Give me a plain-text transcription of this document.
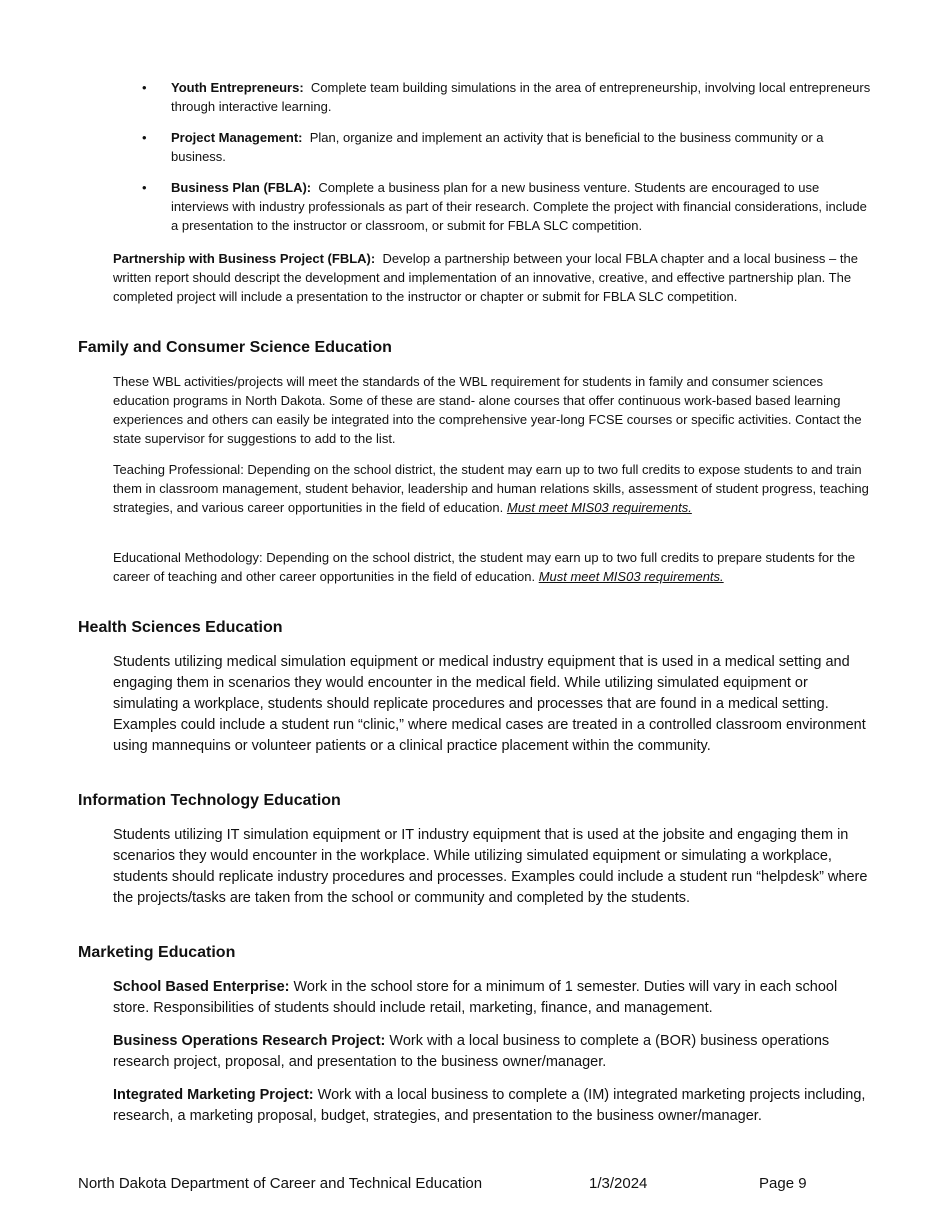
•	Youth Entrepreneurs: Complete team building simulations in the area of entrepreneurship, involving local entrepreneurs through interactive learning.
•	Project Management: Plan, organize and implement an activity that is beneficial to the business community or a business.
•	Business Plan (FBLA): Complete a business plan for a new business venture. Students are encouraged to use interviews with industry professionals as part of their research. Complete the project with financial considerations, include a presentation to the instructor or classroom, or submit for FBLA SLC competition.

Partnership with Business Project (FBLA): Develop a partnership between your local FBLA chapter and a local business – the written report should descript the development and implementation of an innovative, creative, and effective partnership plan. The completed project will include a presentation to the instructor or chapter or submit for FBLA SLC competition.

Family and Consumer Science Education

These WBL activities/projects will meet the standards of the WBL requirement for students in family and consumer sciences education programs in North Dakota. Some of these are stand- alone courses that offer continuous work-based based learning experiences and others can easily be integrated into the comprehensive year-long FCSE courses or specific activities. Contact the state supervisor for suggestions to add to the list.

Teaching Professional: Depending on the school district, the student may earn up to two full credits to expose students to and train them in classroom management, student behavior, leadership and human relations skills, assessment of student progress, teaching strategies, and various career opportunities in the field of education. Must meet MIS03 requirements.

Educational Methodology: Depending on the school district, the student may earn up to two full credits to prepare students for the career of teaching and other career opportunities in the field of education. Must meet MIS03 requirements.

Health Sciences Education

Students utilizing medical simulation equipment or medical industry equipment that is used in a medical setting and engaging them in scenarios they would encounter in the medical field. While utilizing simulated equipment or simulating a workplace, students should replicate procedures and processes that are found in a medical setting. Examples could include a student run “clinic,” where medical cases are treated in a controlled classroom environment using mannequins or volunteer patients or a clinical practice placement within the community.

Information Technology Education

Students utilizing IT simulation equipment or IT industry equipment that is used at the jobsite and engaging them in scenarios they would encounter in the workplace. While utilizing simulated equipment or simulating a workplace, students should replicate industry procedures and processes. Examples could include a student run “helpdesk” where the projects/tasks are taken from the school or community and completed by the students.

Marketing Education

School Based Enterprise: Work in the school store for a minimum of 1 semester. Duties will vary in each school store. Responsibilities of students should include retail, marketing, finance, and management.

Business Operations Research Project: Work with a local business to complete a (BOR) business operations research project, proposal, and presentation to the business owner/manager.

Integrated Marketing Project: Work with a local business to complete a (IM) integrated marketing projects including, research, a marketing proposal, budget, strategies, and presentation to the business owner/manager.

North Dakota Department of Career and Technical Education	1/3/2024	Page 9
